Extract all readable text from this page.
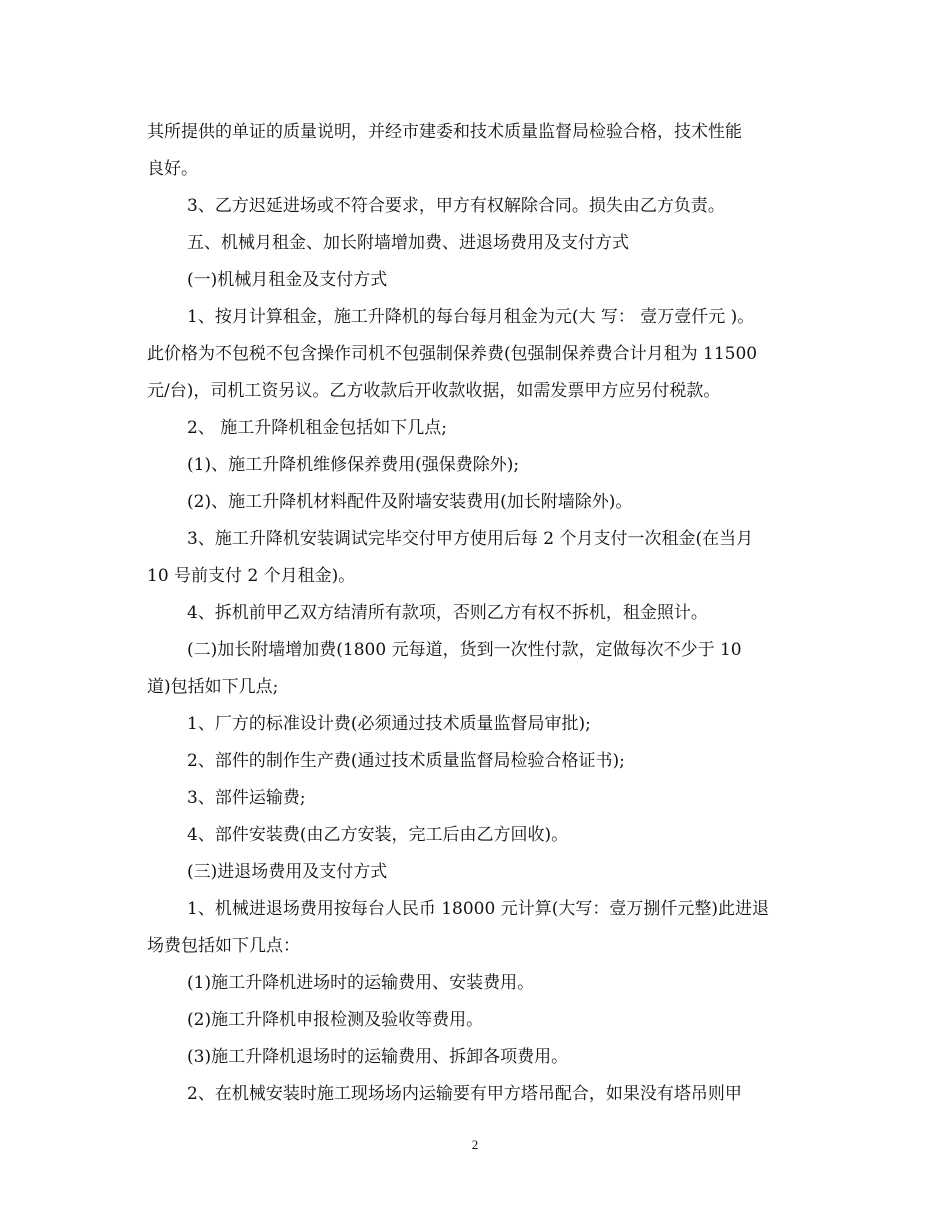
其所提供的单证的质量说明，并经市建委和技术质量监督局检验合格，技术性能
良好。
3、乙方迟延进场或不符合要求，甲方有权解除合同。损失由乙方负责。
五、机械月租金、加长附墙增加费、进退场费用及支付方式
(一)机械月租金及支付方式
1、按月计算租金，施工升降机的每台每月租金为元(大 写： 壹万壹仟元 )。
此价格为不包税不包含操作司机不包强制保养费(包强制保养费合计月租为 11500
元/台)，司机工资另议。乙方收款后开收款收据，如需发票甲方应另付税款。
2、 施工升降机租金包括如下几点;
(1)、施工升降机维修保养费用(强保费除外);
(2)、施工升降机材料配件及附墙安装费用(加长附墙除外)。
3、施工升降机安装调试完毕交付甲方使用后每 2 个月支付一次租金(在当月
10 号前支付 2 个月租金)。
4、拆机前甲乙双方结清所有款项，否则乙方有权不拆机，租金照计。
(二)加长附墙增加费(1800 元每道，货到一次性付款，定做每次不少于 10
道)包括如下几点;
1、厂方的标准设计费(必须通过技术质量监督局审批);
2、部件的制作生产费(通过技术质量监督局检验合格证书);
3、部件运输费;
4、部件安装费(由乙方安装，完工后由乙方回收)。
(三)进退场费用及支付方式
1、机械进退场费用按每台人民币 18000 元计算(大写：壹万捌仟元整)此进退
场费包括如下几点：
(1)施工升降机进场时的运输费用、安装费用。
(2)施工升降机申报检测及验收等费用。
(3)施工升降机退场时的运输费用、拆卸各项费用。
2、在机械安装时施工现场场内运输要有甲方塔吊配合，如果没有塔吊则甲
2
